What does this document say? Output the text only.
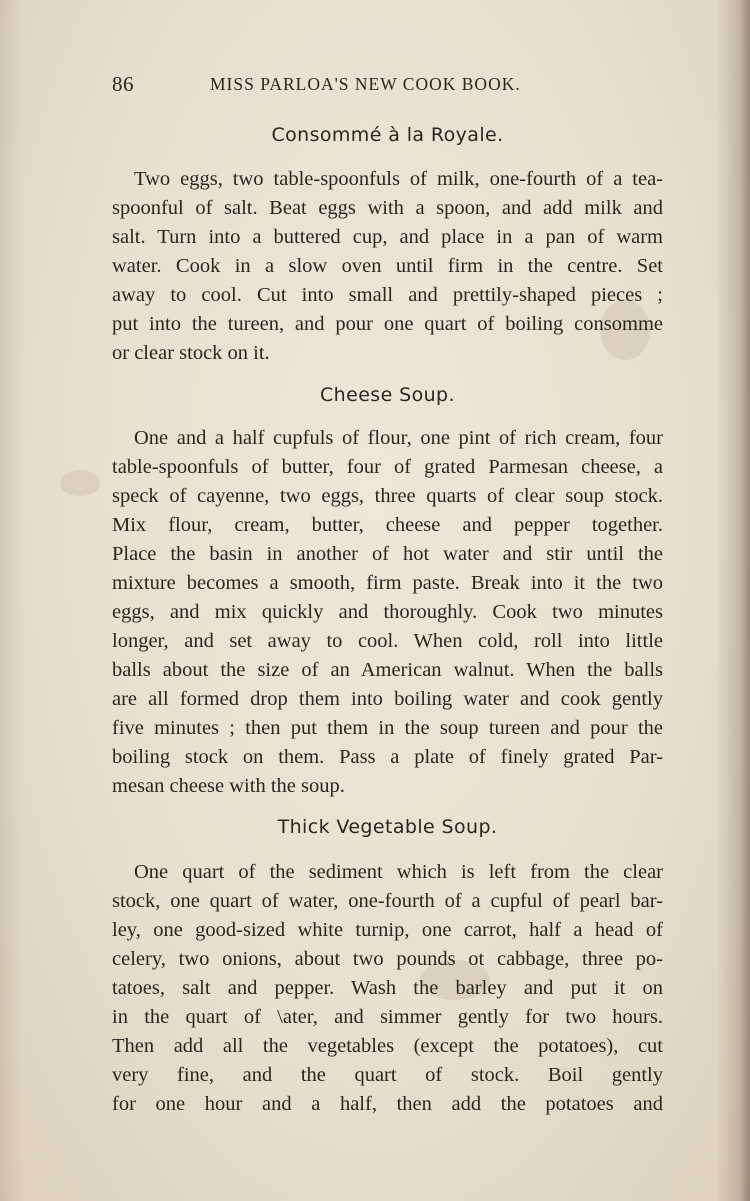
86	MISS PARLOA'S NEW COOK BOOK.
Consommé à la Royale.
Two eggs, two table-spoonfuls of milk, one-fourth of a tea-
spoonful of salt. Beat eggs with a spoon, and add milk and
salt. Turn into a buttered cup, and place in a pan of warm
water. Cook in a slow oven until firm in the centre. Set
away to cool. Cut into small and prettily-shaped pieces ;
put into the tureen, and pour one quart of boiling consomme
or clear stock on it.
Cheese Soup.
One and a half cupfuls of flour, one pint of rich cream, four
table-spoonfuls of butter, four of grated Parmesan cheese, a
speck of cayenne, two eggs, three quarts of clear soup stock.
Mix flour, cream, butter, cheese and pepper together.
Place the basin in another of hot water and stir until the
mixture becomes a smooth, firm paste. Break into it the two
eggs, and mix quickly and thoroughly. Cook two minutes
longer, and set away to cool. When cold, roll into little
balls about the size of an American walnut. When the balls
are all formed drop them into boiling water and cook gently
five minutes ; then put them in the soup tureen and pour the
boiling stock on them. Pass a plate of finely grated Par-
mesan cheese with the soup.
Thick Vegetable Soup.
One quart of the sediment which is left from the clear
stock, one quart of water, one-fourth of a cupful of pearl bar-
ley, one good-sized white turnip, one carrot, half a head of
celery, two onions, about two pounds ot cabbage, three po-
tatoes, salt and pepper. Wash the barley and put it on
in the quart of \ater, and simmer gently for two hours.
Then add all the vegetables (except the potatoes), cut
very fine, and the quart of stock. Boil gently
for one hour and a half, then add the potatoes and
